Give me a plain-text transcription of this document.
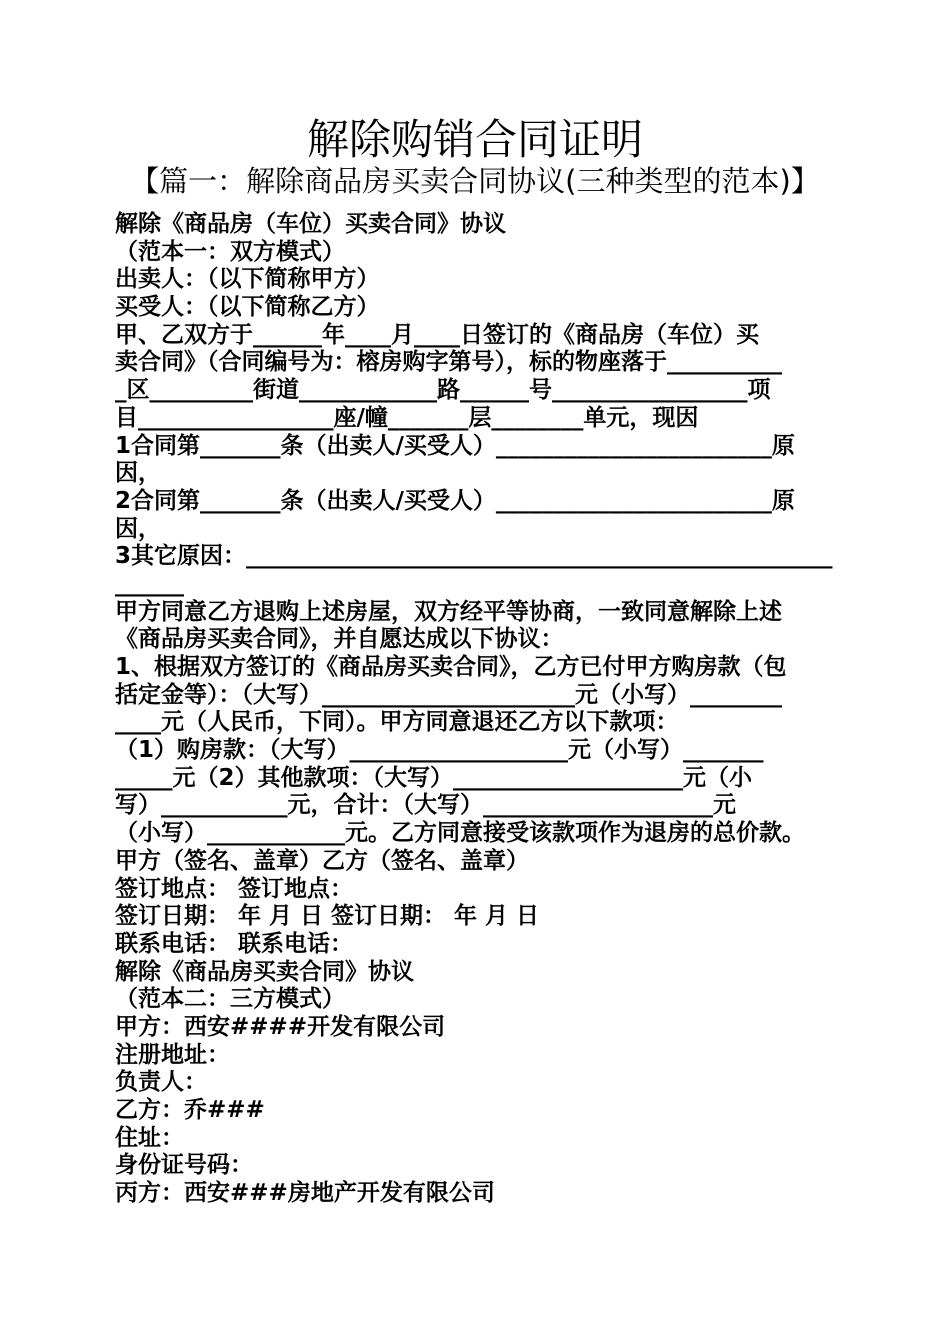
解除购销合同证明
【篇一：解除商品房买卖合同协议(三种类型的范本)】
解除《商品房（车位）买卖合同》协议
（范本一：双方模式）
出卖人：（以下简称甲方）
买受人：（以下简称乙方）
甲、乙双方于______年____月____日签订的《商品房（车位）买
卖合同》（合同编号为：榕房购字第号），标的物座落于__________
_区_________街道____________路______号_________________项
目_________________座/幢_______层________单元，现因
1合同第_______条（出卖人/买受人）________________________原
因，
2合同第_______条（出卖人/买受人）________________________原
因，
3其它原因：___________________________________________________
______
甲方同意乙方退购上述房屋，双方经平等协商，一致同意解除上述
《商品房买卖合同》，并自愿达成以下协议：
1、根据双方签订的《商品房买卖合同》，乙方已付甲方购房款（包
括定金等）：（大写）______________________元（小写）________
____元（人民币，下同）。甲方同意退还乙方以下款项：
（1）购房款：（大写）___________________元（小写）_______
_____元（2）其他款项：（大写）____________________元（小
写）___________元，合计：（大写）____________________元
（小写）____________元。乙方同意接受该款项作为退房的总价款。
甲方（签名、盖章）乙方（签名、盖章）
签订地点： 签订地点：
签订日期： 年 月 日 签订日期： 年 月 日
联系电话： 联系电话：
解除《商品房买卖合同》协议
（范本二：三方模式）
甲方：西安####开发有限公司
注册地址：
负责人：
乙方：乔###
住址：
身份证号码：
丙方：西安###房地产开发有限公司
